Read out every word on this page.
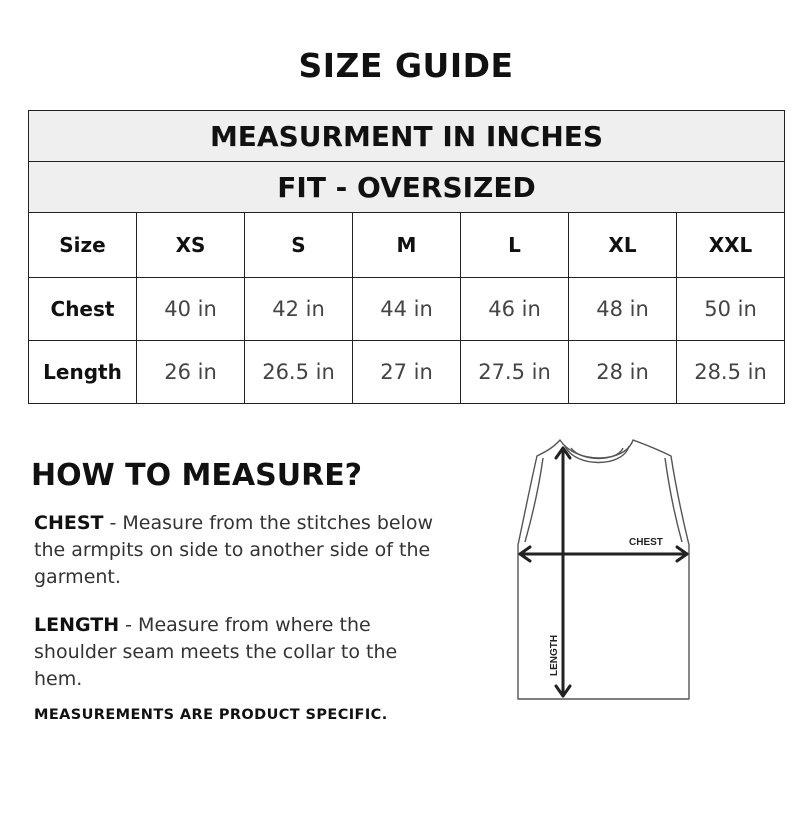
SIZE GUIDE
MEASURMENT IN INCHES						
FIT - OVERSIZED						
Size	XS	S	M	L	XL	XXL
Chest	40 in	42 in	44 in	46 in	48 in	50 in
Length	26 in	26.5 in	27 in	27.5 in	28 in	28.5 in
HOW TO MEASURE?
CHEST - Measure from the stitches below the armpits on side to another side of the garment.
LENGTH - Measure from where the shoulder seam meets the collar to the hem.
MEASUREMENTS ARE PRODUCT SPECIFIC.
CHEST
LENGTH
